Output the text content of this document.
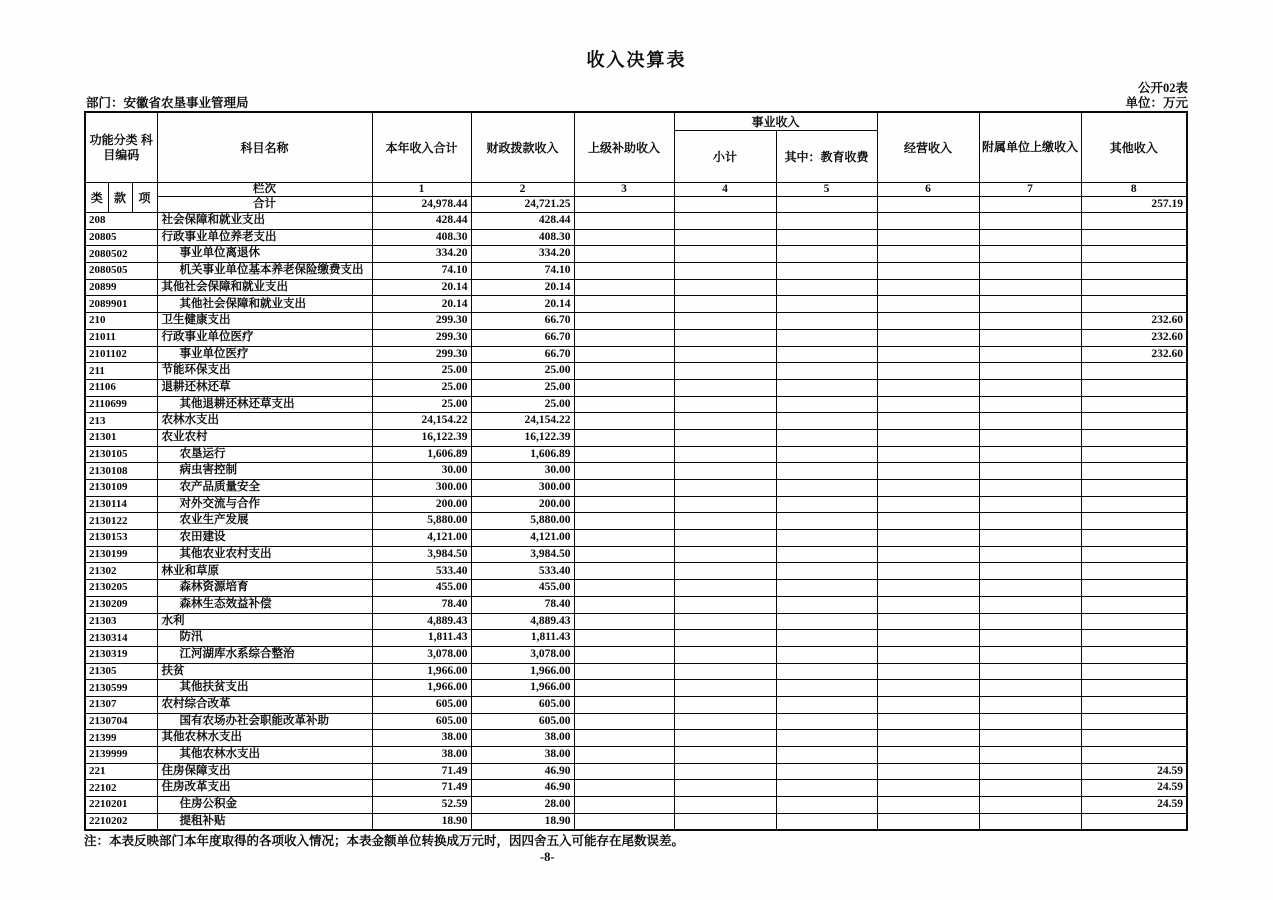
收入决算表
公开02表
部门：安徽省农垦事业管理局	单位：万元
功能分类 科目编码			科目名称	本年收入合计	财政拨款收入	上级补助收入	事业收入		经营收入	附属单位上缴收入	其他收入
							小计	其中：教育收费			
类	款	项	栏次	1	2	3	4	5	6	7	8
			合计	24,978.44	24,721.25						257.19
208			社会保障和就业支出	428.44	428.44						
20805			行政事业单位养老支出	408.30	408.30						
2080502			事业单位离退休	334.20	334.20						
2080505			机关事业单位基本养老保险缴费支出	74.10	74.10						
20899			其他社会保障和就业支出	20.14	20.14						
2089901			其他社会保障和就业支出	20.14	20.14						
210			卫生健康支出	299.30	66.70						232.60
21011			行政事业单位医疗	299.30	66.70						232.60
2101102			事业单位医疗	299.30	66.70						232.60
211			节能环保支出	25.00	25.00						
21106			退耕还林还草	25.00	25.00						
2110699			其他退耕还林还草支出	25.00	25.00						
213			农林水支出	24,154.22	24,154.22						
21301			农业农村	16,122.39	16,122.39						
2130105			农垦运行	1,606.89	1,606.89						
2130108			病虫害控制	30.00	30.00						
2130109			农产品质量安全	300.00	300.00						
2130114			对外交流与合作	200.00	200.00						
2130122			农业生产发展	5,880.00	5,880.00						
2130153			农田建设	4,121.00	4,121.00						
2130199			其他农业农村支出	3,984.50	3,984.50						
21302			林业和草原	533.40	533.40						
2130205			森林资源培育	455.00	455.00						
2130209			森林生态效益补偿	78.40	78.40						
21303			水利	4,889.43	4,889.43						
2130314			防汛	1,811.43	1,811.43						
2130319			江河湖库水系综合整治	3,078.00	3,078.00						
21305			扶贫	1,966.00	1,966.00						
2130599			其他扶贫支出	1,966.00	1,966.00						
21307			农村综合改革	605.00	605.00						
2130704			国有农场办社会职能改革补助	605.00	605.00						
21399			其他农林水支出	38.00	38.00						
2139999			其他农林水支出	38.00	38.00						
221			住房保障支出	71.49	46.90						24.59
22102			住房改革支出	71.49	46.90						24.59
2210201			住房公积金	52.59	28.00						24.59
2210202			提租补贴	18.90	18.90						
注：本表反映部门本年度取得的各项收入情况；本表金额单位转换成万元时，因四舍五入可能存在尾数误差。
-8-
